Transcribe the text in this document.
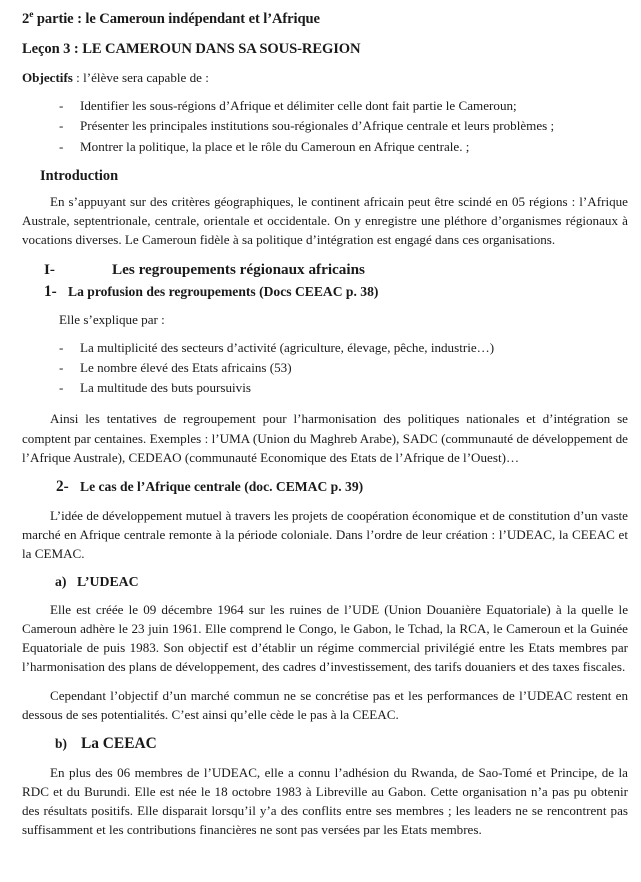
2e partie : le Cameroun indépendant et l’Afrique
Leçon 3 : LE CAMEROUN DANS SA SOUS-REGION
Objectifs : l’élève sera capable de :
- Identifier les sous-régions d’Afrique et délimiter celle dont fait partie le Cameroun;
- Présenter les principales institutions sou-régionales d’Afrique centrale et leurs problèmes ;
- Montrer la politique, la place et le rôle du Cameroun en Afrique centrale. ;
Introduction

En s’appuyant sur des critères géographiques, le continent africain peut être scindé en 05 régions : l’Afrique Australe, septentrionale, centrale, orientale et occidentale. On y enregistre une pléthore d’organismes régionaux à vocations diverses. Le Cameroun fidèle à sa politique d’intégration est engagé dans ces organisations.

I-	Les regroupements régionaux africains
1- La profusion des regroupements (Docs CEEAC p. 38)
Elle s’explique par :
- La multiplicité des secteurs d’activité (agriculture, élevage, pêche, industrie…)
- Le nombre élevé des Etats africains (53)
- La multitude des buts poursuivis

Ainsi les tentatives de regroupement pour l’harmonisation des politiques nationales et d’intégration se comptent par centaines. Exemples : l’UMA (Union du Maghreb Arabe), SADC (communauté de développement de l’Afrique Australe), CEDEAO (communauté Economique des Etats de l’Afrique de l’Ouest)…

2- Le cas de l’Afrique centrale (doc. CEMAC p. 39)

L’idée de développement mutuel à travers les projets de coopération économique et de constitution d’un vaste marché en Afrique centrale remonte à la période coloniale. Dans l’ordre de leur création : l’UDEAC, la CEEAC et la CEMAC.

a) L’UDEAC

Elle est créée le 09 décembre 1964 sur les ruines de l’UDE (Union Douanière Equatoriale) à la quelle le Cameroun adhère le 23 juin 1961. Elle comprend le Congo, le Gabon, le Tchad, la RCA, le Cameroun et la Guinée Equatoriale de puis 1983. Son objectif est d’établir un régime commercial privilégié entre les Etats membres par l’harmonisation des plans de développement, des cadres d’investissement, des tarifs douaniers et des taxes fiscales.

Cependant l’objectif d’un marché commun ne se concrétise pas et les performances de l’UDEAC restent en dessous de ses potentialités. C’est ainsi qu’elle cède le pas à la CEEAC.

b) La CEEAC

En plus des 06 membres de l’UDEAC, elle a connu l’adhésion du Rwanda, de Sao-Tomé et Principe, de la RDC et du Burundi. Elle est née le 18 octobre 1983 à Libreville au Gabon. Cette organisation n’a pas pu obtenir des résultats positifs. Elle disparait lorsqu’il y’a des conflits entre ses membres ; les leaders ne se rencontrent pas suffisamment et les contributions financières ne sont pas versées par les Etats membres.
